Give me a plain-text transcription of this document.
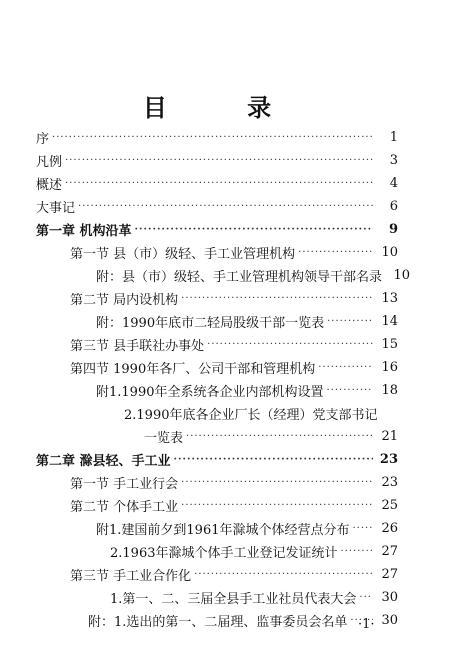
目 录
序 ·····	1
凡例 ·····	3
概述 ·····	4
大事记 ·····	6
第一章 机构沿革 ·····	9
第一节 县（市）级轻、手工业管理机构 ·····	10
附：县（市）级轻、手工业管理机构领导干部名录 10
第二节 局内设机构 ·····	13
附：1990年底市二轻局股级干部一览表 ·····	14
第三节 县手联社办事处 ·····	15
第四节 1990年各厂、公司干部和管理机构 ·····	16
附1.1990年全系统各企业内部机构设置 ·····	18
2.1990年底各企业厂长（经理）党支部书记
一览表 ·····	21
第二章 滁县轻、手工业 ·····	23
第一节 手工业行会 ·····	23
第二节 个体手工业 ·····	25
附1.建国前夕到1961年滁城个体经营点分布 ·····	26
2.1963年滁城个体手工业登记发证统计 ·····	27
第三节 手工业合作化 ·····	27
1.第一、二、三届全县手工业社员代表大会 ·····	30
附：1.选出的第一、二届理、监事委员会名单 ·····	30
·1·
